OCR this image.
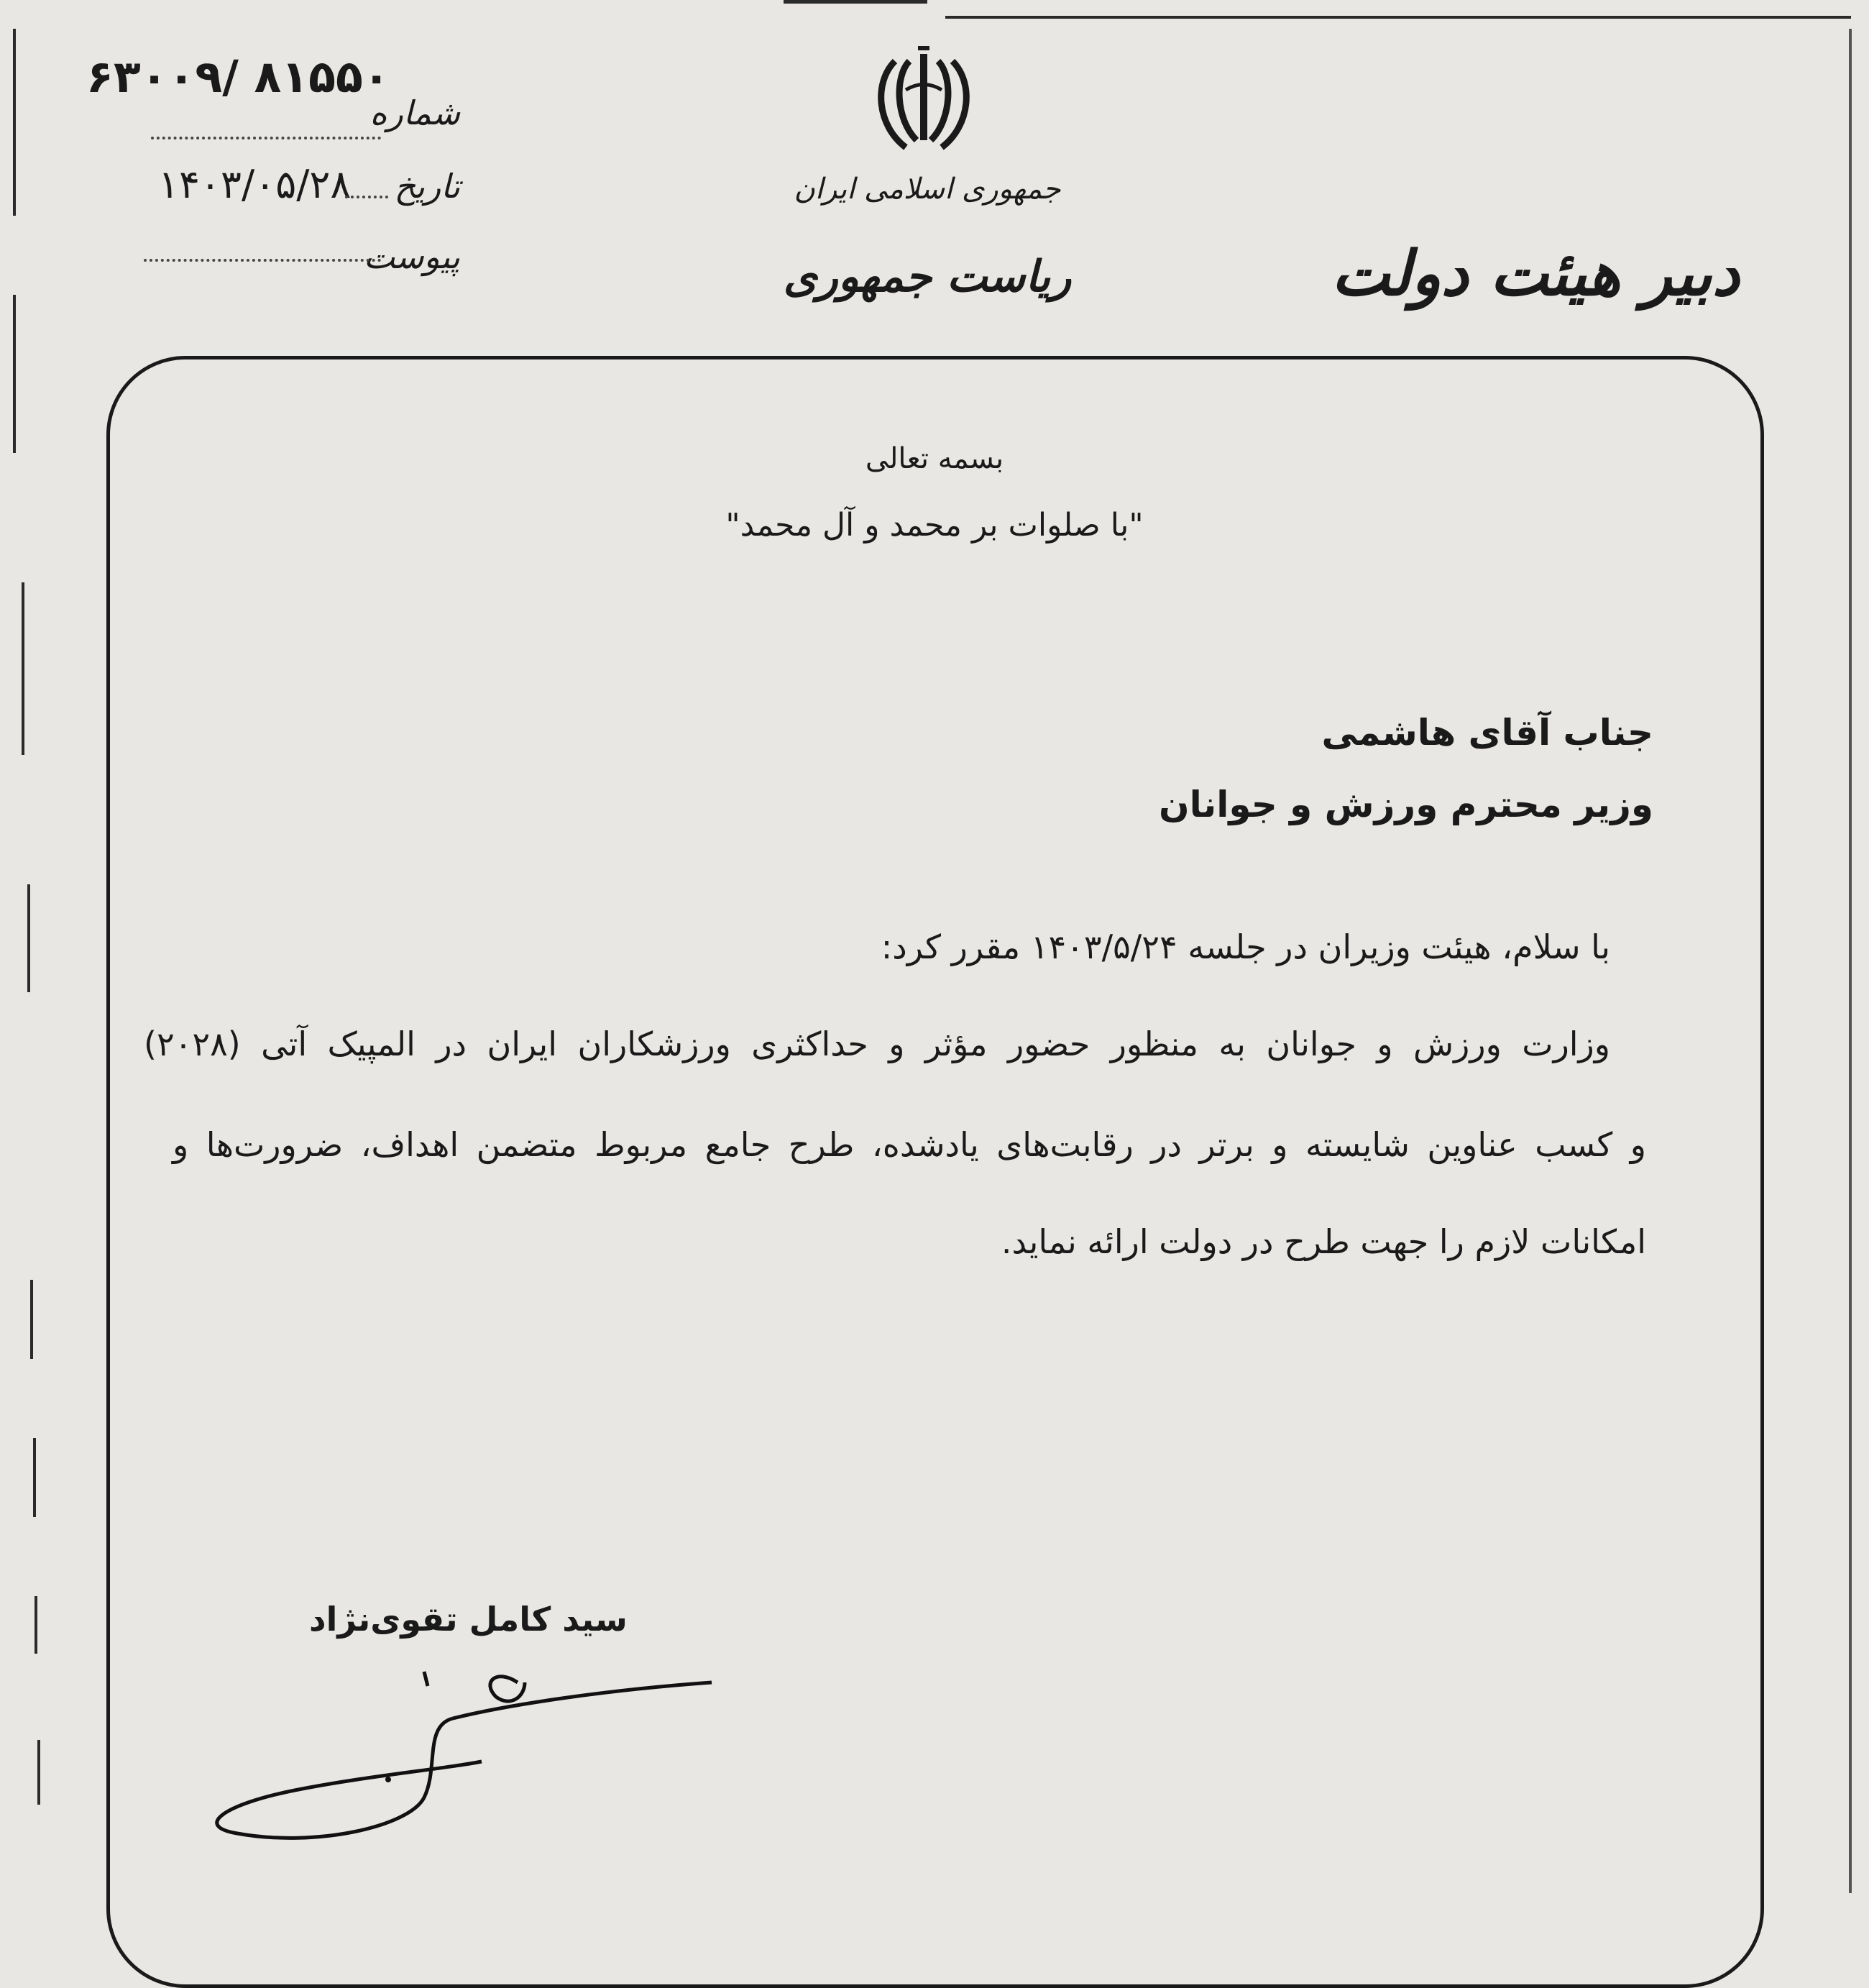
۶۳۰۰۹/ ۸۱۵۵۰
شماره
۱۴۰۳/۰۵/۲۸	تاریخ
پیوست
جمهوری اسلامی ایران
ریاست جمهوری	دبیر هیئت دولت
بسمه تعالی
"با صلوات بر محمد و آل محمد"
جناب آقای هاشمی
وزیر محترم ورزش و جوانان
با سلام، هیئت وزیران در جلسه ۱۴۰۳/۵/۲۴ مقرر کرد:
وزارت ورزش و جوانان به منظور حضور مؤثر و حداکثری ورزشکاران ایران در المپیک آتی (۲۰۲۸)
و کسب عناوین شایسته و برتر در رقابت‌های یادشده، طرح جامع مربوط متضمن اهداف، ضرورت‌ها و
امکانات لازم را جهت طرح در دولت ارائه نماید.
سید کامل تقوی‌نژاد
